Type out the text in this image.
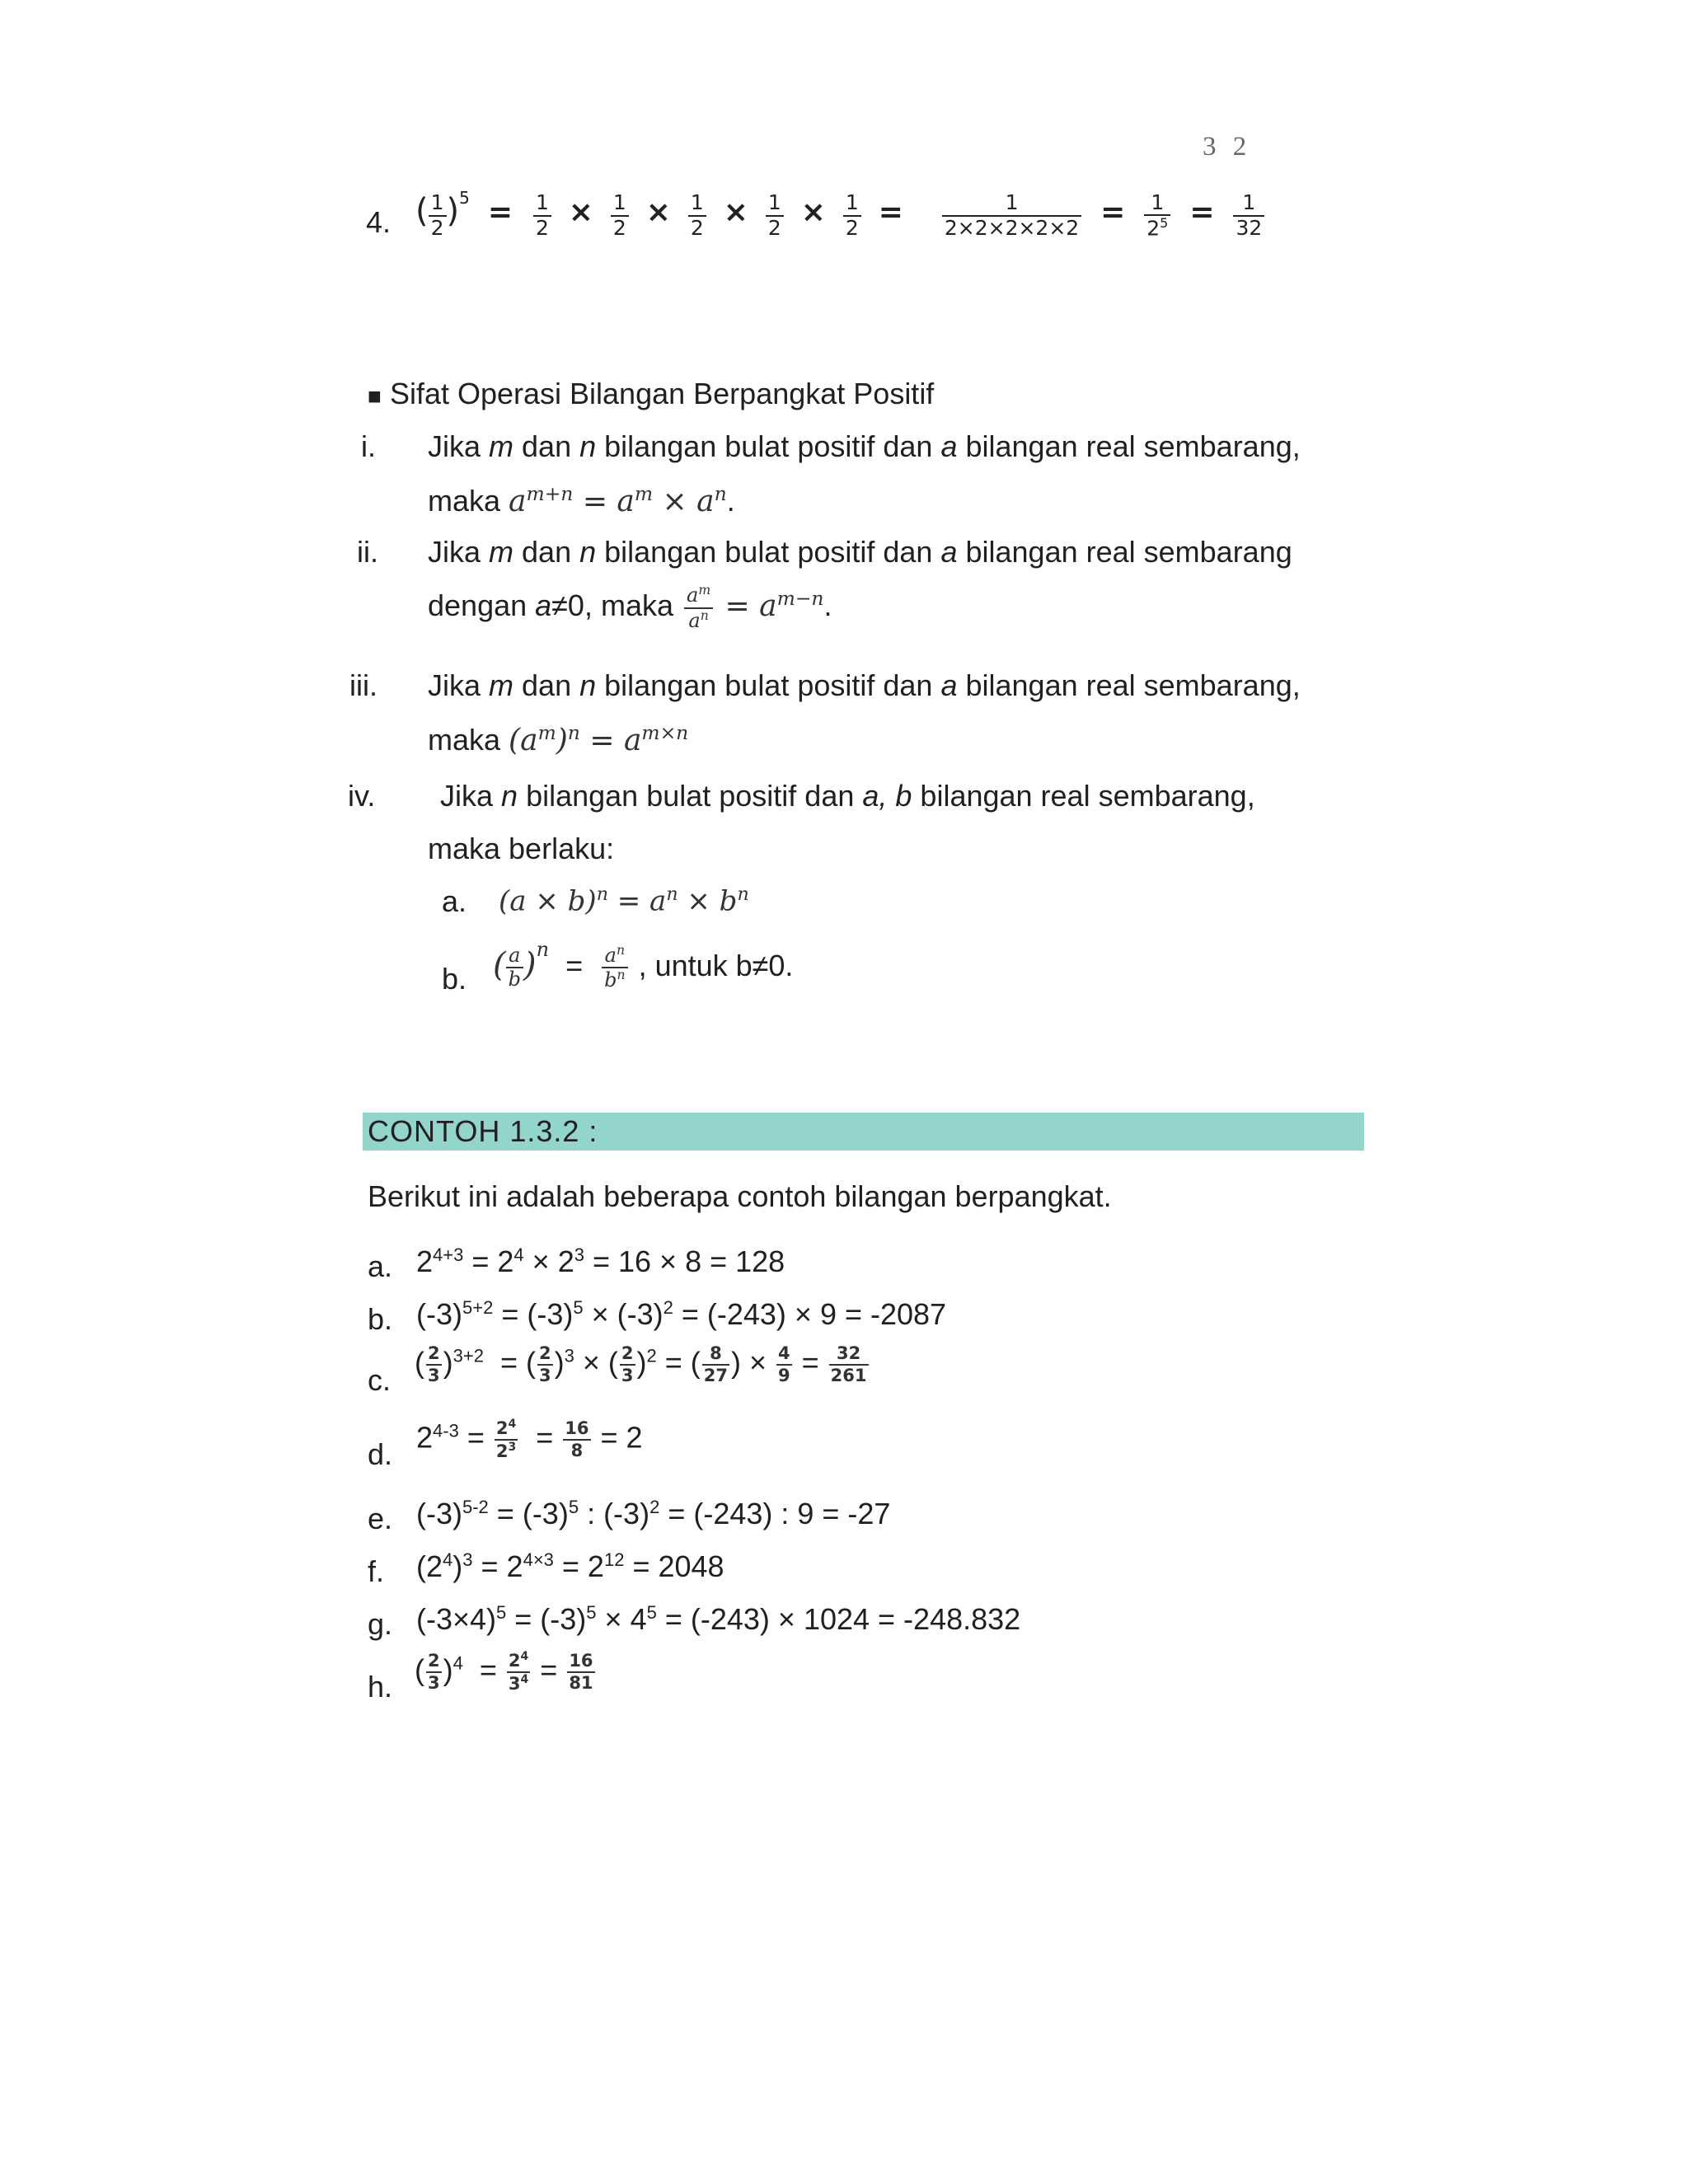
3 2
4. ( $\frac{1}{2} )^5 = \frac{1}{2} \times \frac{1}{2} \times \frac{1}{2} \times \frac{1}{2} \times \frac{1}{2} = \frac{1}{2\times 2\times 2\times 2\times 2} = \frac{1}{2^5} = \frac{1}{32}$
■ Sifat Operasi Bilangan Berpangkat Positif
i. Jika m dan n bilangan bulat positif dan a bilangan real sembarang,
maka $a^{m+n} = a^m \times a^n$.
ii. Jika m dan n bilangan bulat positif dan a bilangan real sembarang
dengan a≠0, maka $\frac{a^m}{a^n} = a^{m-n}$.
iii. Jika m dan n bilangan bulat positif dan a bilangan real sembarang,
maka $(a^m)^n = a^{m\times n}$
iv. Jika n bilangan bulat positif dan a, b bilangan real sembarang,
maka berlaku:
a. $(a \times b)^n = a^n \times b^n$
b. ( $\frac{a}{b} )^n = \frac{a^n}{b^n}$ , untuk b≠0.
CONTOH 1.3.2 :
Berikut ini adalah beberapa contoh bilangan berpangkat.
a. $2^{4+3} = 2^4 \times 2^3 = 16 \times 8 = 128$
b. $(-3)^{5+2} = (-3)^5 \times (-3)^2 = (-243) \times 9 = -2087$
c.
( $\frac{2}{3} )^{3+2}$  = ( $\frac{2}{3} )^3$ × ( $\frac{2}{3} )^2$ = ( $\frac{8}{27}$ ) × $\frac{4}{9} = \frac{32}{261}$
d. $2^{4-3} = \frac{2^4}{2^3} = \frac{16}{8} = 2$
e. $(-3)^{5-2} = (-3)^5$ : $(-3)^2 = (-243)$ : 9 = -27
f. $(2^4)^3 = 2^{4\times 3} = 2^{12} = 2048$
g. $(-3\times 4)^5 = (-3)^5 \times 4^5 = (-243) \times 1024 = -248.832$
h. ( $\frac{2}{3} )^4 = \frac{2^4}{3^4} = \frac{16}{81}$
